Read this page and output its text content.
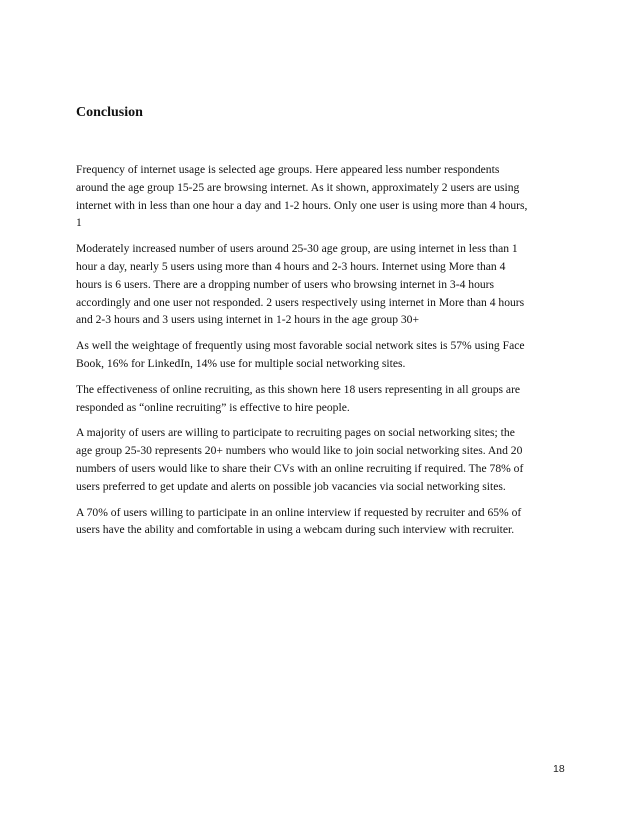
Conclusion

Frequency of internet usage is selected age groups. Here appeared less number respondents
around the age group 15-25 are browsing internet. As it shown, approximately 2 users are using
internet with in less than one hour a day and 1-2 hours. Only one user is using more than 4 hours,
1

Moderately increased number of users around 25-30 age group, are using internet in less than 1
hour a day, nearly 5 users using more than 4 hours and 2-3 hours. Internet using More than 4
hours is 6 users. There are a dropping number of users who browsing internet in 3-4 hours
accordingly and one user not responded. 2 users respectively using internet in More than 4 hours
and 2-3 hours and 3 users using internet in 1-2 hours in the age group 30+

As well the weightage of frequently using most favorable social network sites is 57% using Face
Book, 16% for LinkedIn, 14% use for multiple social networking sites.

The effectiveness of online recruiting, as this shown here 18 users representing in all groups are
responded as “online recruiting” is effective to hire people.

A majority of users are willing to participate to recruiting pages on social networking sites; the
age group 25-30 represents 20+ numbers who would like to join social networking sites. And 20
numbers of users would like to share their CVs with an online recruiting if required. The 78% of
users preferred to get update and alerts on possible job vacancies via social networking sites.

A 70% of users willing to participate in an online interview if requested by recruiter and 65% of
users have the ability and comfortable in using a webcam during such interview with recruiter.

18
